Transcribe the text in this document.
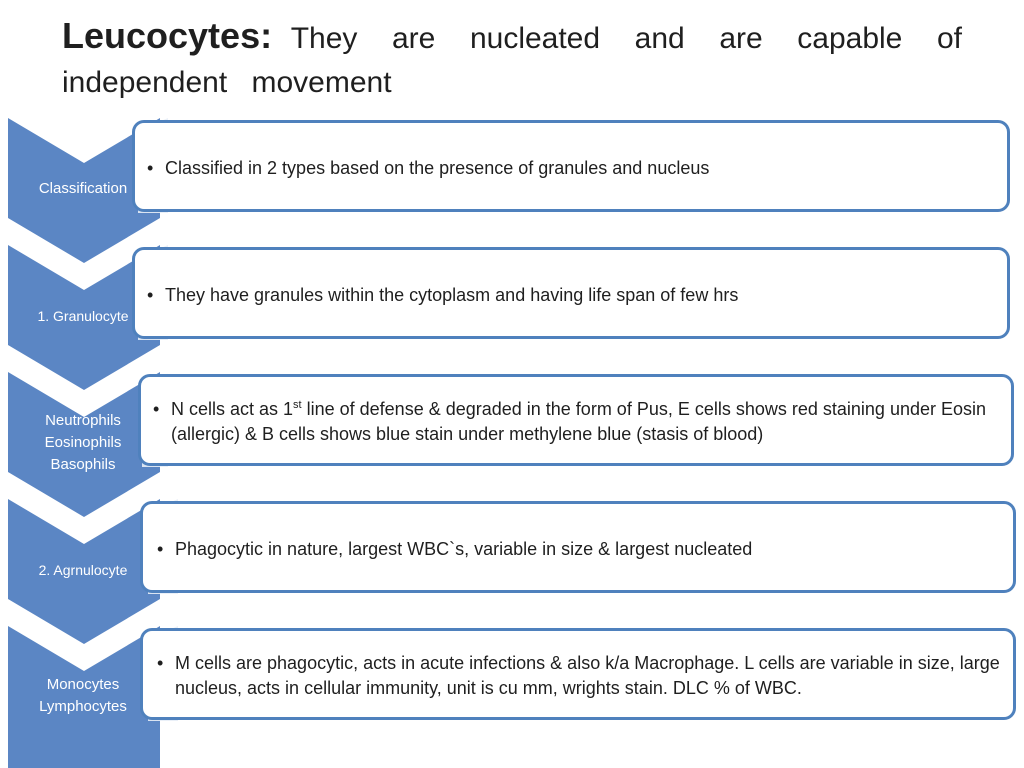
Leucocytes: They are nucleated and are capable of independent movement
Classification
• Classified in 2 types based on the presence of granules and nucleus
1. Granulocyte
• They have granules within the cytoplasm and having life span of few hrs
Neutrophils
Eosinophils
Basophils
• N cells act as 1st line of defense & degraded in the form of Pus, E cells shows red staining under Eosin (allergic) & B cells shows blue stain under methylene blue (stasis of blood)
2. Agrnulocyte
• Phagocytic in nature, largest WBC`s, variable in size & largest nucleated
Monocytes
Lymphocytes
• M cells are phagocytic, acts in acute infections & also k/a Macrophage. L cells are variable in size, large nucleus, acts in cellular immunity, unit is cu mm, wrights stain. DLC % of WBC.
